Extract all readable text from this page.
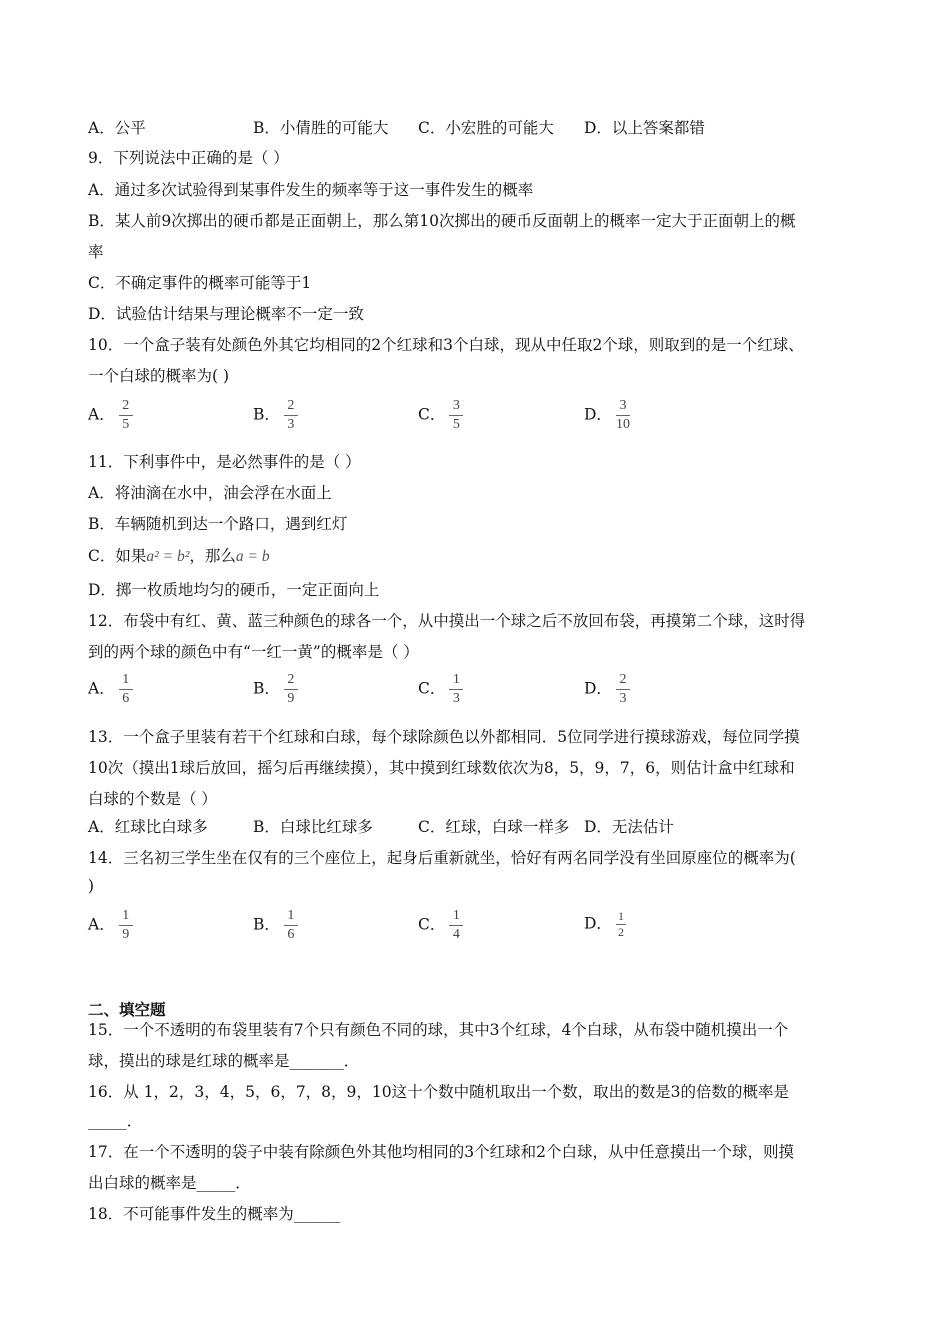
A．公平	B．小倩胜的可能大 C．小宏胜的可能大 D．以上答案都错
9．下列说法中正确的是（ ）
A．通过多次试验得到某事件发生的频率等于这一事件发生的概率
B．某人前9次掷出的硬币都是正面朝上，那么第10次掷出的硬币反面朝上的概率一定大于正面朝上的概
率
C．不确定事件的概率可能等于1
D．试验估计结果与理论概率不一定一致
10．一个盒子装有处颜色外其它均相同的2个红球和3个白球，现从中任取2个球，则取到的是一个红球、
一个白球的概率为( )
A． $\frac{2}{5}$	B． $\frac{2}{3}$	C． $\frac{3}{5}$	D． $\frac{3}{10}$
11．下利事件中，是必然事件的是（ ）
A．将油滴在水中，油会浮在水面上
B．车辆随机到达一个路口，遇到红灯
C．如果a² = b²，那么a = b
D．掷一枚质地均匀的硬币，一定正面向上
12．布袋中有红、黄、蓝三种颜色的球各一个，从中摸出一个球之后不放回布袋，再摸第二个球，这时得
到的两个球的颜色中有“一红一黄”的概率是（ ）
A． $\frac{1}{6}$	B． $\frac{2}{9}$	C． $\frac{1}{3}$	D． $\frac{2}{3}$
13．一个盒子里装有若干个红球和白球，每个球除颜色以外都相同．5位同学进行摸球游戏，每位同学摸
10次（摸出1球后放回，摇匀后再继续摸），其中摸到红球数依次为8，5，9，7，6，则估计盒中红球和
白球的个数是（ ）
A．红球比白球多	B．白球比红球多	C．红球，白球一样多 D．无法估计
14．三名初三学生坐在仅有的三个座位上，起身后重新就坐，恰好有两名同学没有坐回原座位的概率为(
)
A． $\frac{1}{9}$	B． $\frac{1}{6}$	C． $\frac{1}{4}$	D． $\frac{1}{2}$
二、填空题
15．一个不透明的布袋里装有7个只有颜色不同的球，其中3个红球，4个白球，从布袋中随机摸出一个
球，摸出的球是红球的概率是_______．
16．从 1，2，3，4，5，6，7，8，9，10这十个数中随机取出一个数，取出的数是3的倍数的概率是
_____．
17．在一个不透明的袋子中装有除颜色外其他均相同的3个红球和2个白球，从中任意摸出一个球，则摸
出白球的概率是_____．
18．不可能事件发生的概率为______
